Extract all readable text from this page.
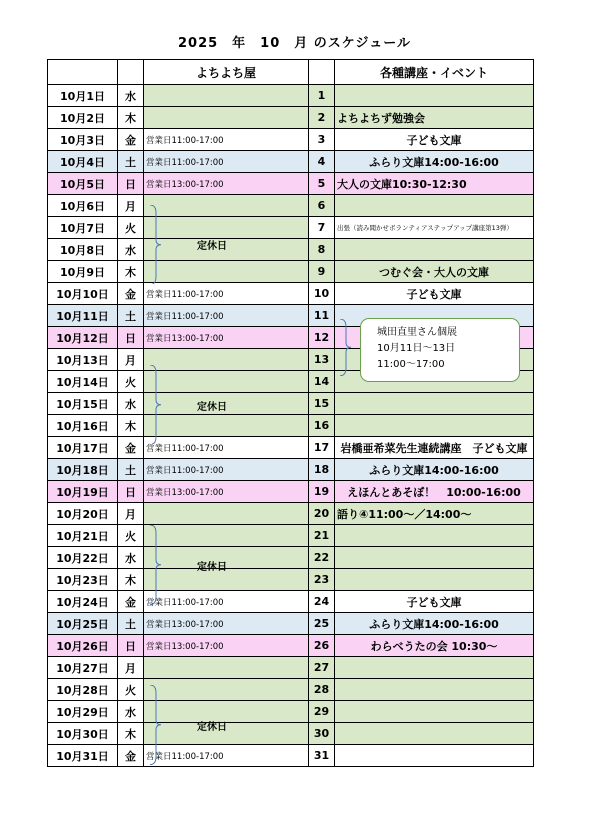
2025　年　10　月 のスケジュール
		よちよち屋		各種講座・イベント
10月1日	水		1	
10月2日	木		2	よちよちず勉強会
10月3日	金	営業日11:00-17:00	3	子ども文庫
10月4日	土	営業日11:00-17:00	4	ふらり文庫14:00-16:00
10月5日	日	営業日13:00-17:00	5	大人の文庫10:30-12:30
10月6日	月		6	
10月7日	火		7	出張（読み聞かせボランティアステップアップ講座第13弾）
10月8日	水		8	
10月9日	木		9	つむぐ会・大人の文庫
10月10日	金	営業日11:00-17:00	10	子ども文庫
10月11日	土	営業日11:00-17:00	11	
10月12日	日	営業日13:00-17:00	12	
10月13日	月		13	
10月14日	火		14	
10月15日	水		15	
10月16日	木		16	
10月17日	金	営業日11:00-17:00	17	岩橋亜希菜先生連続講座　子ども文庫
10月18日	土	営業日11:00-17:00	18	ふらり文庫14:00-16:00
10月19日	日	営業日13:00-17:00	19	えほんとあそぼ！　10:00-16:00
10月20日	月		20	語り④11:00～／14:00～
10月21日	火		21	
10月22日	水		22	
10月23日	木		23	
10月24日	金	営業日11:00-17:00	24	子ども文庫
10月25日	土	営業日13:00-17:00	25	ふらり文庫14:00-16:00
10月26日	日	営業日13:00-17:00	26	わらべうたの会 10:30～
10月27日	月		27	
10月28日	火		28	
10月29日	水		29	
10月30日	木		30	
10月31日	金	営業日11:00-17:00	31	
定休日
定休日
定休日
定休日
城田直里さん個展
10月11日～13日
11:00～17:00
